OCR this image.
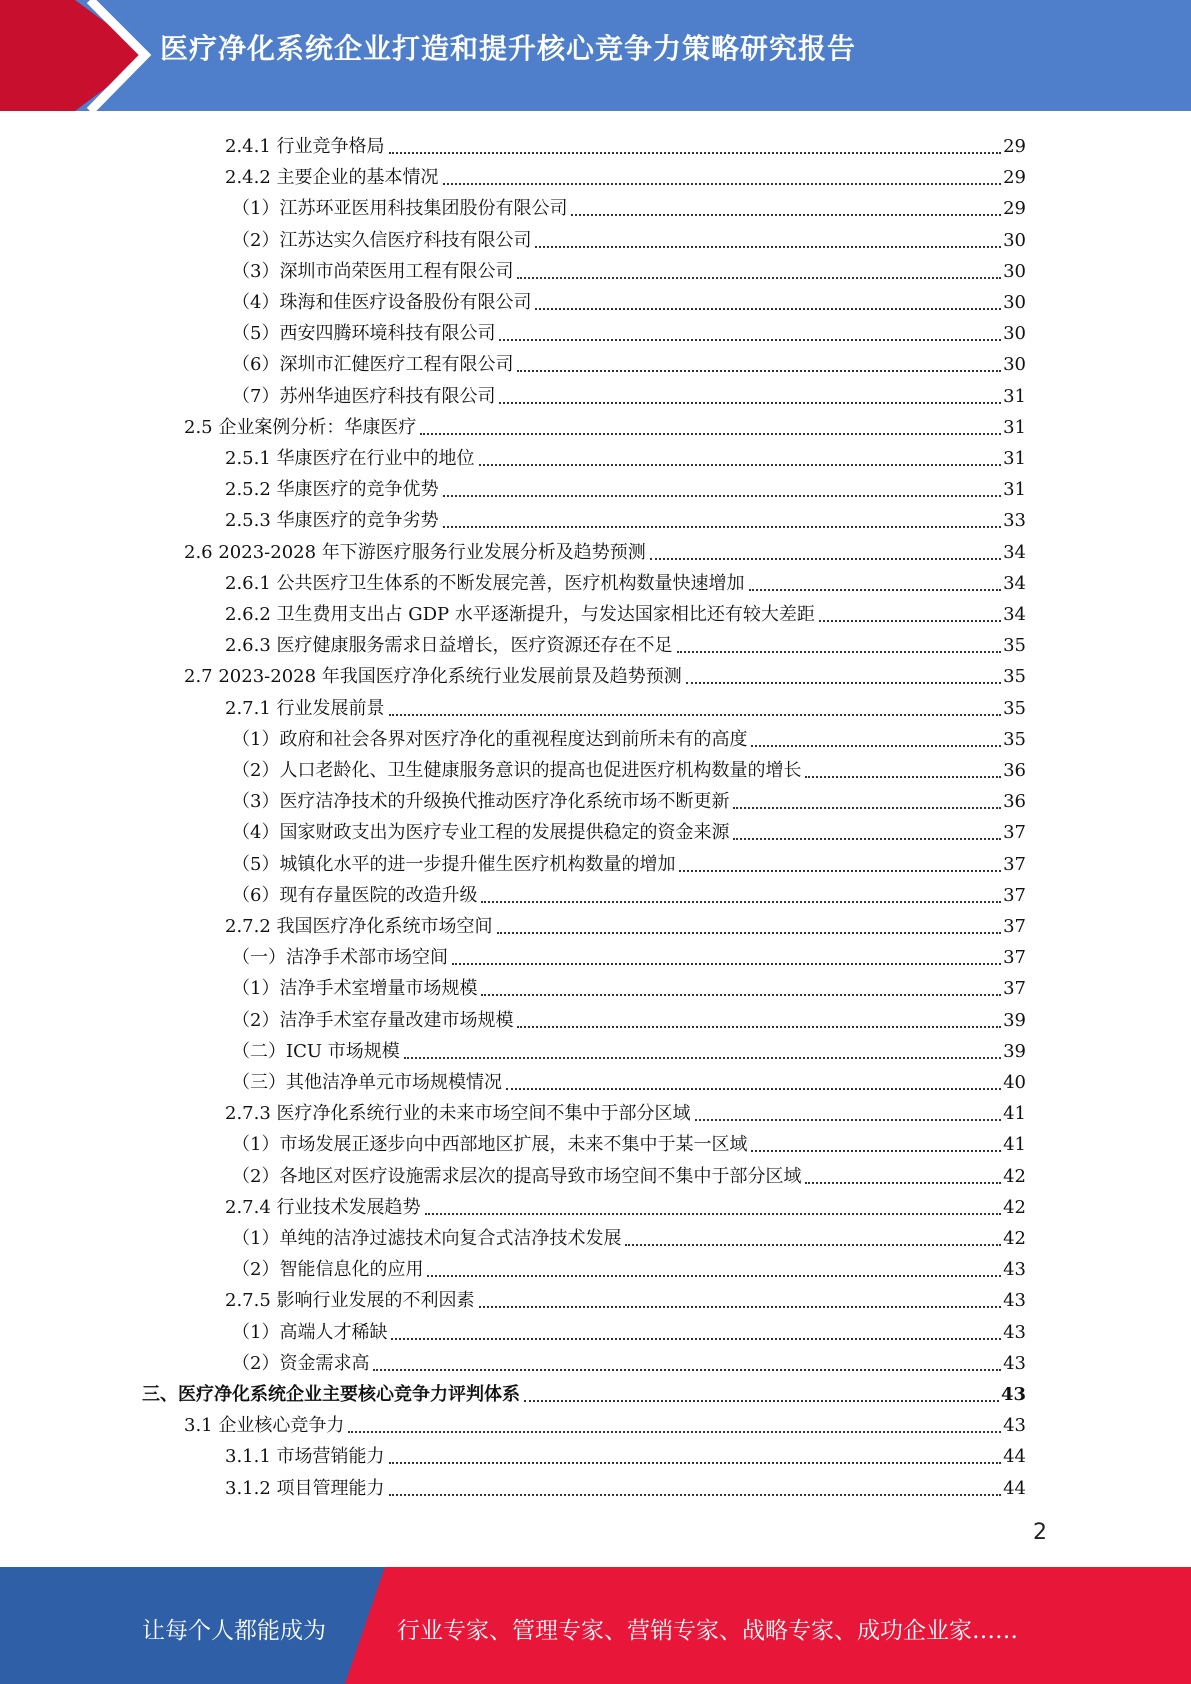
医疗净化系统企业打造和提升核心竞争力策略研究报告
2.4.1 行业竞争格局	29
2.4.2 主要企业的基本情况	29
（1）江苏环亚医用科技集团股份有限公司	29
（2）江苏达实久信医疗科技有限公司	30
（3）深圳市尚荣医用工程有限公司	30
（4）珠海和佳医疗设备股份有限公司	30
（5）西安四腾环境科技有限公司	30
（6）深圳市汇健医疗工程有限公司	30
（7）苏州华迪医疗科技有限公司	31
2.5 企业案例分析：华康医疗	31
2.5.1 华康医疗在行业中的地位	31
2.5.2 华康医疗的竞争优势	31
2.5.3 华康医疗的竞争劣势	33
2.6 2023-2028 年下游医疗服务行业发展分析及趋势预测	34
2.6.1 公共医疗卫生体系的不断发展完善，医疗机构数量快速增加	34
2.6.2 卫生费用支出占 GDP 水平逐渐提升，与发达国家相比还有较大差距	34
2.6.3 医疗健康服务需求日益增长，医疗资源还存在不足	35
2.7 2023-2028 年我国医疗净化系统行业发展前景及趋势预测	35
2.7.1 行业发展前景	35
（1）政府和社会各界对医疗净化的重视程度达到前所未有的高度	35
（2）人口老龄化、卫生健康服务意识的提高也促进医疗机构数量的增长	36
（3）医疗洁净技术的升级换代推动医疗净化系统市场不断更新	36
（4）国家财政支出为医疗专业工程的发展提供稳定的资金来源	37
（5）城镇化水平的进一步提升催生医疗机构数量的增加	37
（6）现有存量医院的改造升级	37
2.7.2 我国医疗净化系统市场空间	37
（一）洁净手术部市场空间	37
（1）洁净手术室增量市场规模	37
（2）洁净手术室存量改建市场规模	39
（二）ICU 市场规模	39
（三）其他洁净单元市场规模情况	40
2.7.3 医疗净化系统行业的未来市场空间不集中于部分区域	41
（1）市场发展正逐步向中西部地区扩展，未来不集中于某一区域	41
（2）各地区对医疗设施需求层次的提高导致市场空间不集中于部分区域	42
2.7.4 行业技术发展趋势	42
（1）单纯的洁净过滤技术向复合式洁净技术发展	42
（2）智能信息化的应用	43
2.7.5 影响行业发展的不利因素	43
（1）高端人才稀缺	43
（2）资金需求高	43
三、医疗净化系统企业主要核心竞争力评判体系	43
3.1 企业核心竞争力	43
3.1.1 市场营销能力	44
3.1.2 项目管理能力	44
2
让每个人都能成为	行业专家、管理专家、营销专家、战略专家、成功企业家……
